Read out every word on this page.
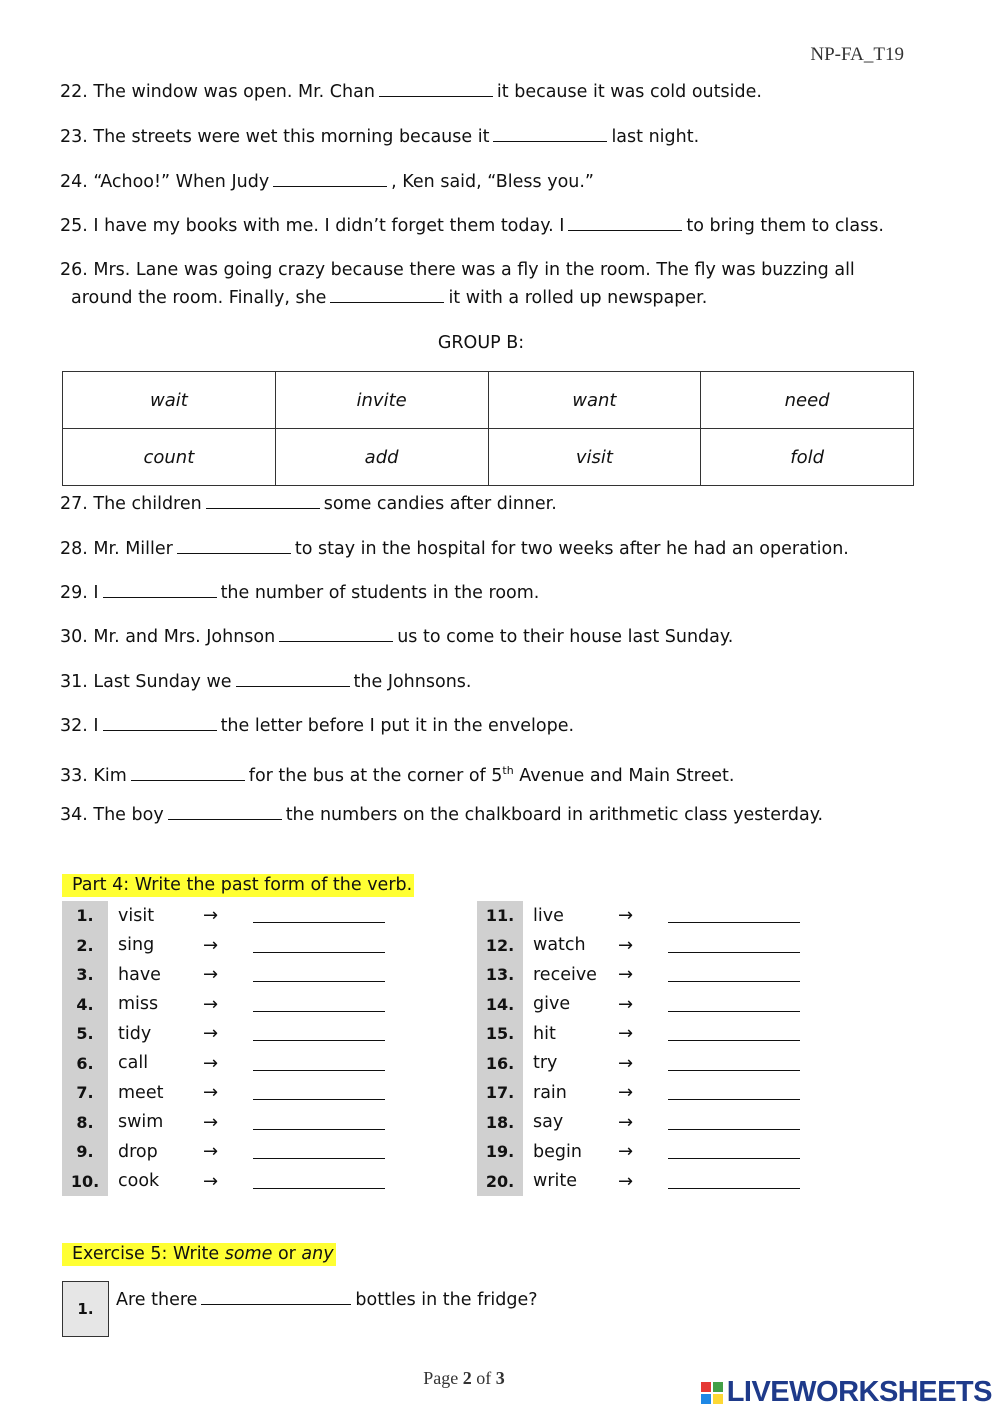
NP-FA_T19
22. The window was open. Mr. Chan	it because it was cold outside.
23. The streets were wet this morning because it	last night.
24. “Achoo!” When Judy	, Ken said, “Bless you.”
25. I have my books with me. I didn’t forget them today. I	to bring them to class.
26. Mrs. Lane was going crazy because there was a fly in the room. The fly was buzzing all
around the room. Finally, she	it with a rolled up newspaper.
GROUP B:
wait	invite	want	need
count	add	visit	fold
27. The children	some candies after dinner.
28. Mr. Miller	to stay in the hospital for two weeks after he had an operation.
29. I	the number of students in the room.
30. Mr. and Mrs. Johnson	us to come to their house last Sunday.
31. Last Sunday we	the Johnsons.
32. I	the letter before I put it in the envelope.
33. Kim	for the bus at the corner of 5th Avenue and Main Street.
34. The boy	the numbers on the chalkboard in arithmetic class yesterday.
Part 4: Write the past form of the verb.
1.	visit	→
2.	sing	→
3.	have	→
4.	miss	→
5.	tidy	→
6.	call	→
7.	meet	→
8.	swim	→
9.	drop	→
10.	cook	→
11.	live	→
12.	watch	→
13.	receive	→
14.	give	→
15.	hit	→
16.	try	→
17.	rain	→
18.	say	→
19.	begin	→
20.	write	→
Exercise 5: Write some or any
1.	Are there	bottles in the fridge?
Page 2 of 3	LIVEWORKSHEETS
